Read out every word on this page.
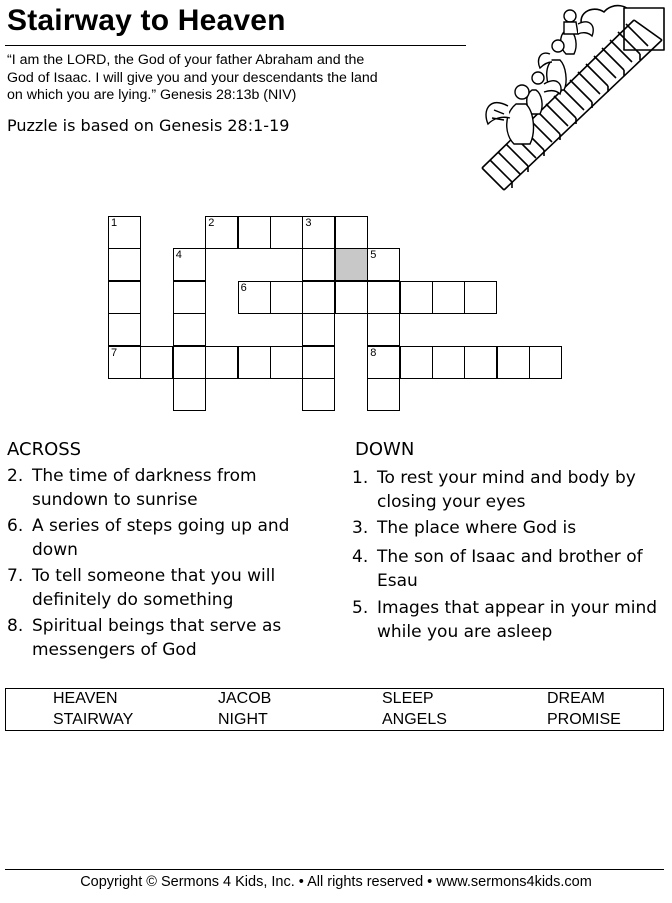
Stairway to Heaven
“I am the LORD, the God of your father Abraham and the
God of Isaac. I will give you and your descendants the land
on which you are lying.” Genesis 28:13b (NIV)
Puzzle is based on Genesis 28:1-19
1
7
2	3
4	5
8
6
ACROSS	DOWN
2. The time of darkness from sundown to sunrise
6. A series of steps going up and down
7. To tell someone that you will definitely do something
8. Spiritual beings that serve as messengers of God
1. To rest your mind and body by closing your eyes
3. The place where God is
4. The son of Isaac and brother of Esau
5. Images that appear in your mind while you are asleep
HEAVEN	JACOB	SLEEP	DREAM
STAIRWAY	NIGHT	ANGELS	PROMISE
Copyright © Sermons 4 Kids, Inc. • All rights reserved • www.sermons4kids.com
